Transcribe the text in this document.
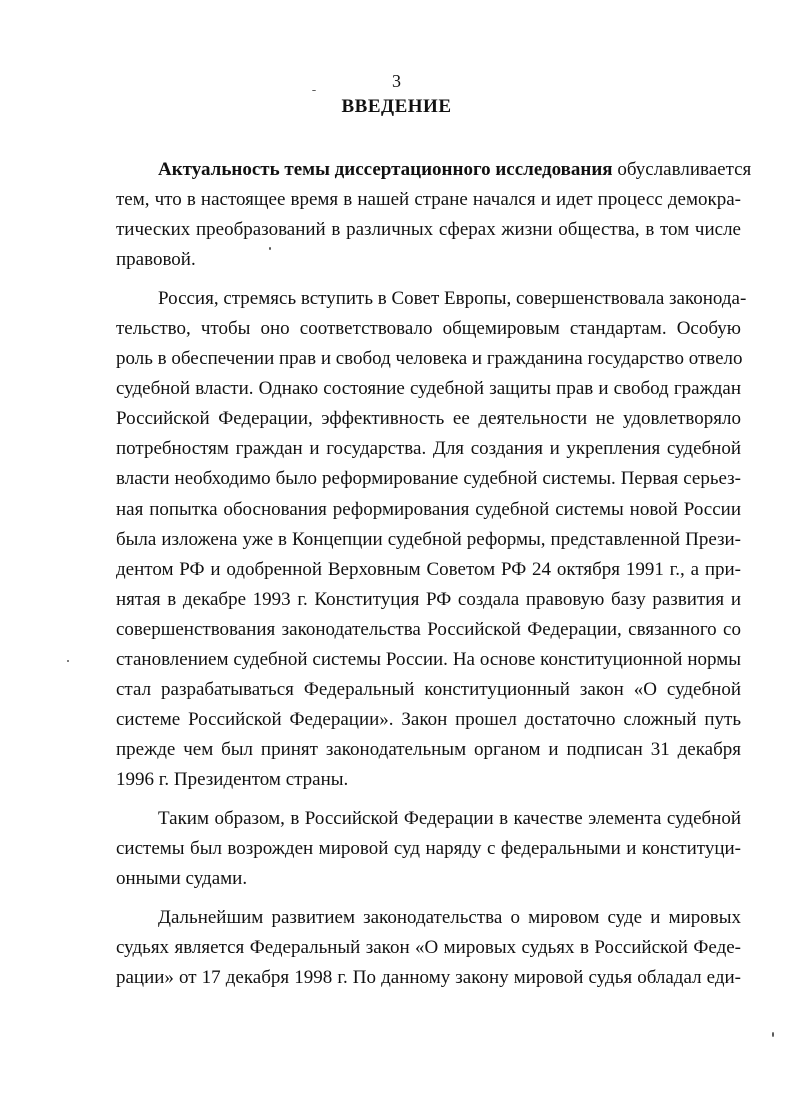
3
ВВЕДЕНИЕ
Актуальность темы диссертационного исследования обуславливается
тем, что в настоящее время в нашей стране начался и идет процесс демокра-
тических преобразований в различных сферах жизни общества, в том числе
правовой.
Россия, стремясь вступить в Совет Европы, совершенствовала законода-
тельство, чтобы оно соответствовало общемировым стандартам. Особую
роль в обеспечении прав и свобод человека и гражданина государство отвело
судебной власти. Однако состояние судебной защиты прав и свобод граждан
Российской Федерации, эффективность ее деятельности не удовлетворяло
потребностям граждан и государства. Для создания и укрепления судебной
власти необходимо было реформирование судебной системы. Первая серьез-
ная попытка обоснования реформирования судебной системы новой России
была изложена уже в Концепции судебной реформы, представленной Прези-
дентом РФ и одобренной Верховным Советом РФ 24 октября 1991 г., а при-
нятая в декабре 1993 г. Конституция РФ создала правовую базу развития и
совершенствования законодательства Российской Федерации, связанного со
становлением судебной системы России. На основе конституционной нормы
стал разрабатываться Федеральный конституционный закон «О судебной
системе Российской Федерации». Закон прошел достаточно сложный путь
прежде чем был принят законодательным органом и подписан 31 декабря
1996 г. Президентом страны.
Таким образом, в Российской Федерации в качестве элемента судебной
системы был возрожден мировой суд наряду с федеральными и конституци-
онными судами.
Дальнейшим развитием законодательства о мировом суде и мировых
судьях является Федеральный закон «О мировых судьях в Российской Феде-
рации» от 17 декабря 1998 г. По данному закону мировой судья обладал еди-
